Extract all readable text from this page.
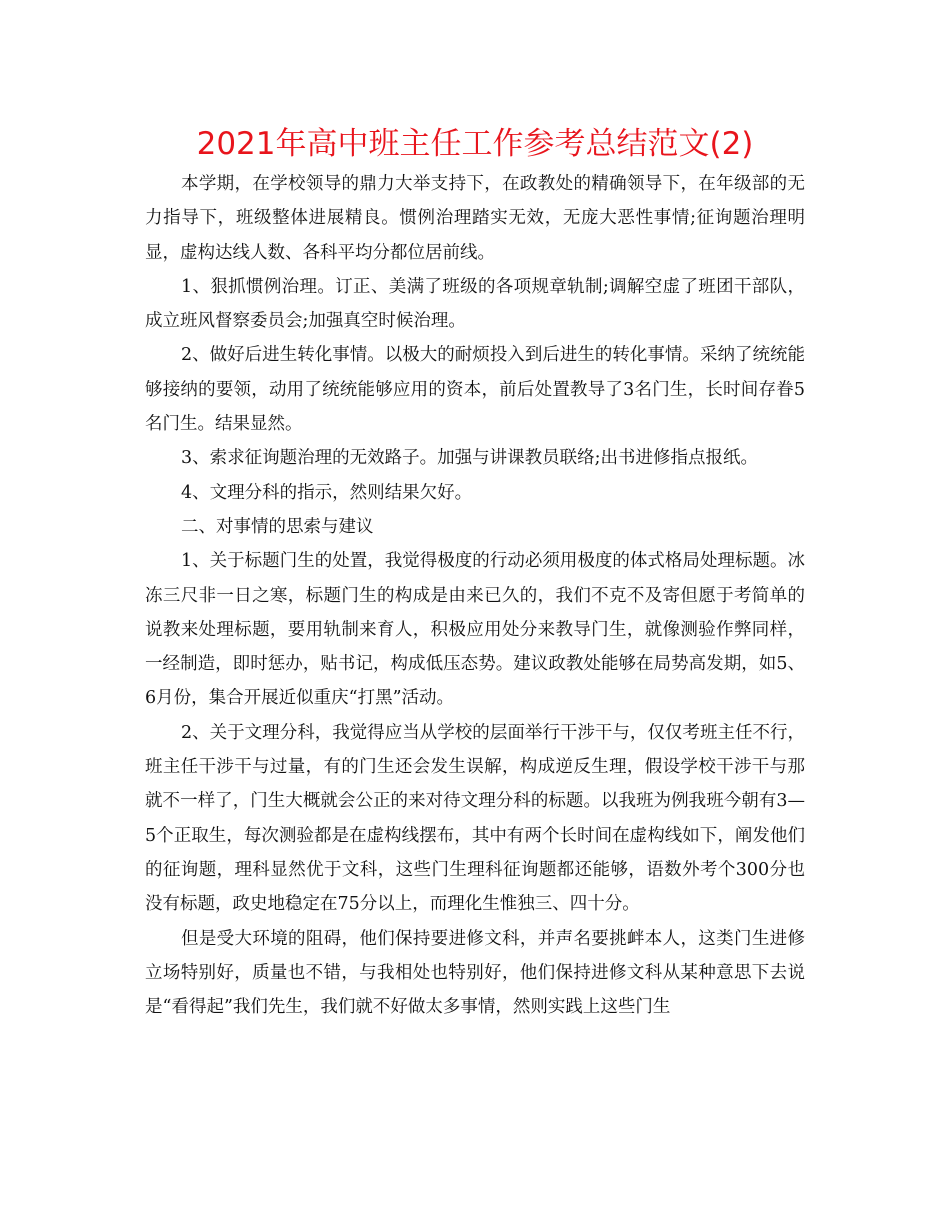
2021年高中班主任工作参考总结范文(2)

本学期，在学校领导的鼎力大举支持下，在政教处的精确领导下，在年级部的无力指导下，班级整体进展精良。惯例治理踏实无效，无庞大恶性事情;征询题治理明显，虚构达线人数、各科平均分都位居前线。

1、狠抓惯例治理。订正、美满了班级的各项规章轨制;调解空虚了班团干部队，成立班风督察委员会;加强真空时候治理。

2、做好后进生转化事情。以极大的耐烦投入到后进生的转化事情。采纳了统统能够接纳的要领，动用了统统能够应用的资本，前后处置教导了3名门生，长时间存眷5名门生。结果显然。

3、索求征询题治理的无效路子。加强与讲课教员联络;出书进修指点报纸。

4、文理分科的指示，然则结果欠好。

二、对事情的思索与建议

1、关于标题门生的处置，我觉得极度的行动必须用极度的体式格局处理标题。冰冻三尺非一日之寒，标题门生的构成是由来已久的，我们不克不及寄但愿于考简单的说教来处理标题，要用轨制来育人，积极应用处分来教导门生，就像测验作弊同样，一经制造，即时惩办，贴书记，构成低压态势。建议政教处能够在局势高发期，如5、6月份，集合开展近似重庆“打黑”活动。

2、关于文理分科，我觉得应当从学校的层面举行干涉干与，仅仅考班主任不行，班主任干涉干与过量，有的门生还会发生误解，构成逆反生理，假设学校干涉干与那就不一样了，门生大概就会公正的来对待文理分科的标题。以我班为例我班今朝有3—5个正取生，每次测验都是在虚构线摆布，其中有两个长时间在虚构线如下，阐发他们的征询题，理科显然优于文科，这些门生理科征询题都还能够，语数外考个300分也没有标题，政史地稳定在75分以上，而理化生惟独三、四十分。

但是受大环境的阻碍，他们保持要进修文科，并声名要挑衅本人，这类门生进修立场特别好，质量也不错，与我相处也特别好，他们保持进修文科从某种意思下去说是“看得起”我们先生，我们就不好做太多事情，然则实践上这些门生
